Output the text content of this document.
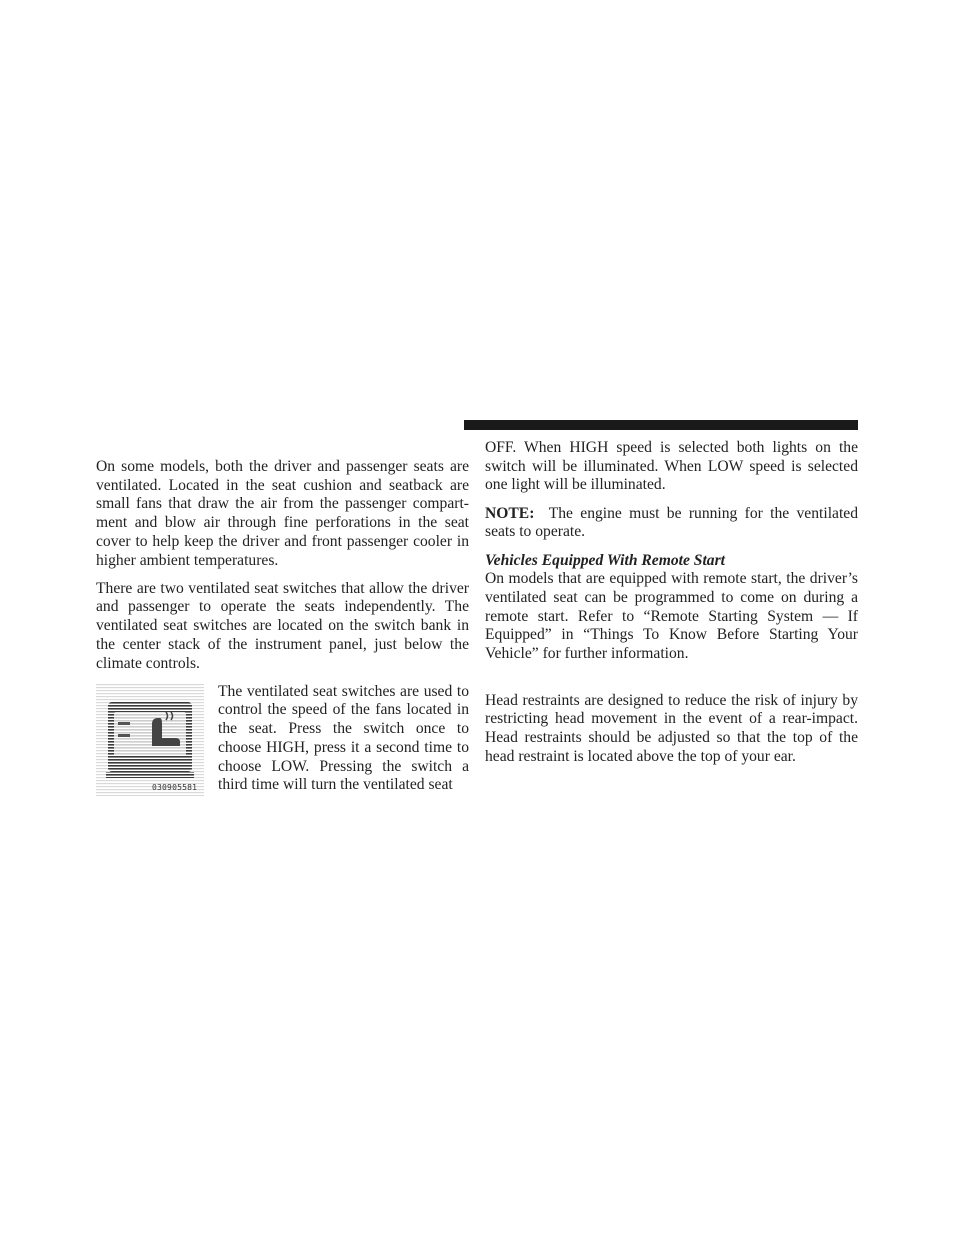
On some models, both the driver and passenger seats are ventilated. Located in the seat cushion and seatback are small fans that draw the air from the passenger compartment and blow air through fine perforations in the seat cover to help keep the driver and front passenger cooler in higher ambient temperatures.

There are two ventilated seat switches that allow the driver and passenger to operate the seats independently. The ventilated seat switches are located on the switch bank in the center stack of the instrument panel, just below the climate controls.

030905581

The ventilated seat switches are used to control the speed of the fans located in the seat. Press the switch once to choose HIGH, press it a second time to choose LOW. Pressing the switch a third time will turn the ventilated seat

OFF. When HIGH speed is selected both lights on the switch will be illuminated. When LOW speed is selected one light will be illuminated.

NOTE: The engine must be running for the ventilated seats to operate.

Vehicles Equipped With Remote Start

On models that are equipped with remote start, the driver’s ventilated seat can be programmed to come on during a remote start. Refer to “Remote Starting System — If Equipped” in “Things To Know Before Starting Your Vehicle” for further information.

Head restraints are designed to reduce the risk of injury by restricting head movement in the event of a rear-impact. Head restraints should be adjusted so that the top of the head restraint is located above the top of your ear.
